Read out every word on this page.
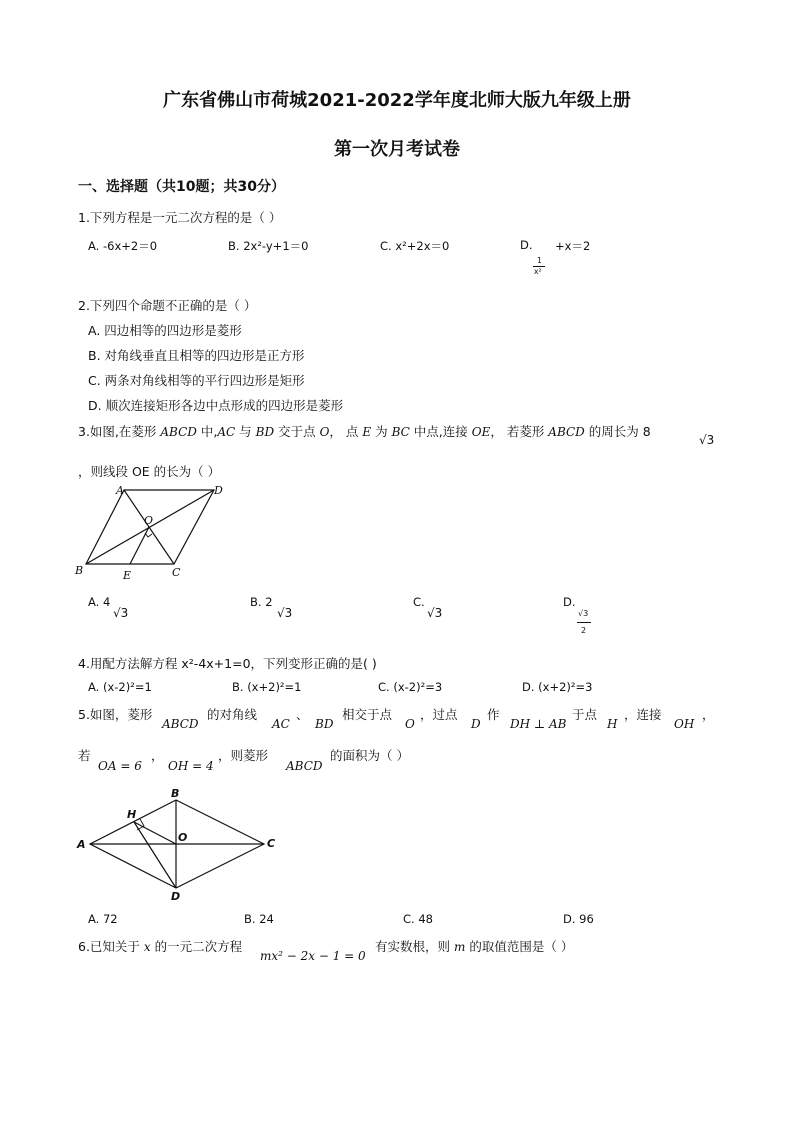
广东省佛山市荷城2021-2022学年度北师大版九年级上册
第一次月考试卷
一、选择题（共10题；共30分）
1.下列方程是一元二次方程的是（ ）
A. -6x+2＝0	B. 2x²-y+1＝0	C. x²+2x＝0	D.
1
x²
+x＝2
2.下列四个命题不正确的是（ ）
A. 四边相等的四边形是菱形
B. 对角线垂直且相等的四边形是正方形
C. 两条对角线相等的平行四边形是矩形
D. 顺次连接矩形各边中点形成的四边形是菱形
3.如图,在菱形 ABCD 中,AC 与 BD 交于点 O， 点 E 为 BC 中点,连接 OE， 若菱形 ABCD 的周长为 8
√3
，则线段 OE 的长为（ ）
A	D
O
B	E	C
A. 4
√3
B. 2
√3
C.
√3
D.
√3
2
4.用配方法解方程 x²-4x+1=0，下列变形正确的是( )
A. (x-2)²=1	B. (x+2)²=1	C. (x-2)²=3	D. (x+2)²=3
5.如图，菱形
ABCD
的对角线
AC
、
BD
相交于点
O
，过点
D
作
DH ⊥ AB
于点
H
，连接
OH
，
若
OA = 6
，
OH = 4
，则菱形
ABCD
的面积为（ ）
B
H
O
A	C
D
A. 72	B. 24	C. 48	D. 96
6.已知关于 x 的一元二次方程
mx² − 2x − 1 = 0
有实数根，则 m 的取值范围是（ ）
